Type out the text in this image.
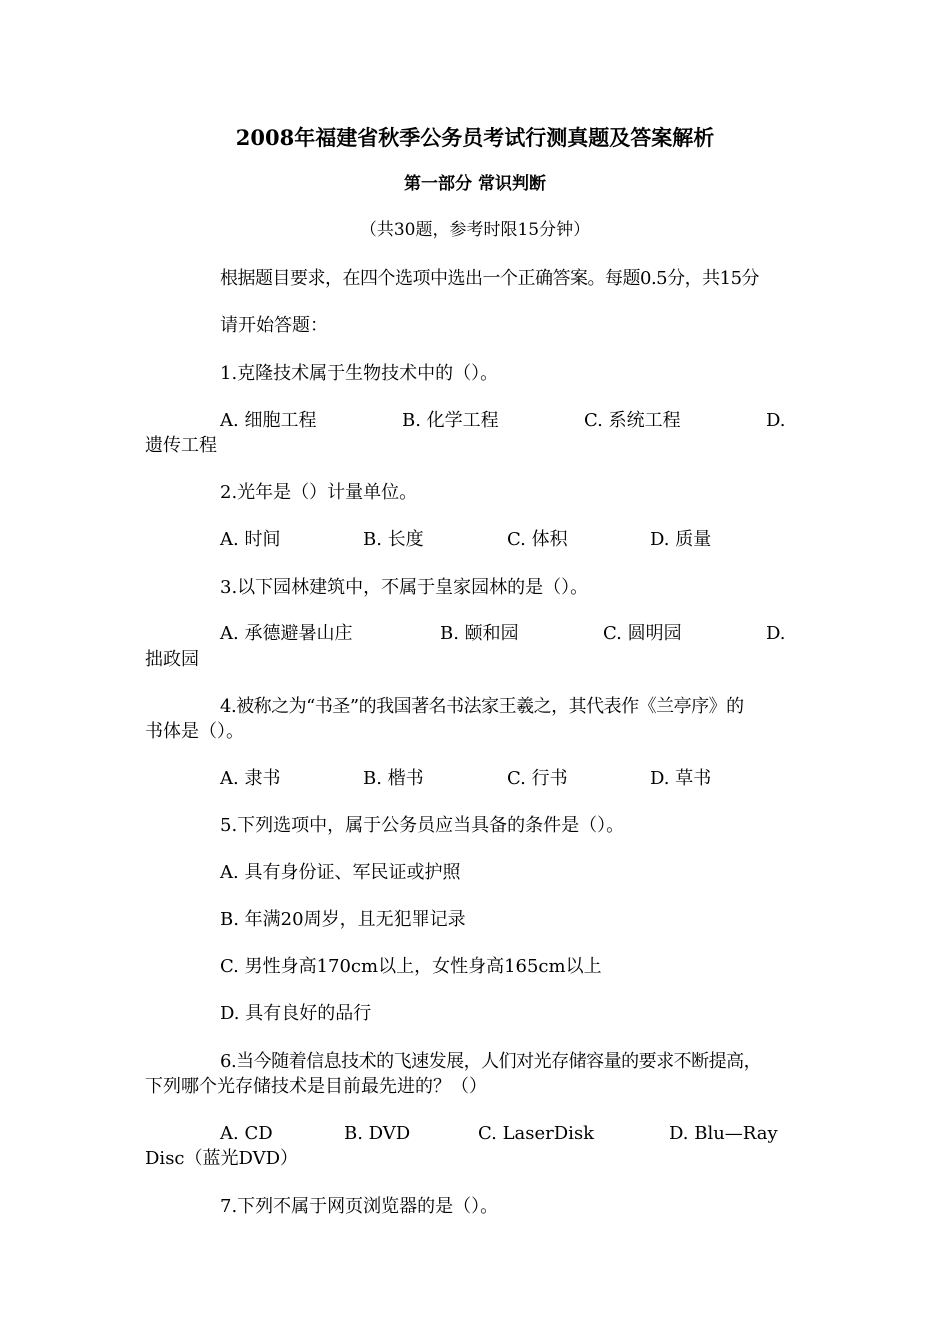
2008年福建省秋季公务员考试行测真题及答案解析
第一部分 常识判断
（共30题，参考时限15分钟）
根据题目要求，在四个选项中选出一个正确答案。每题0.5分，共15分
请开始答题：
1.克隆技术属于生物技术中的（）。
A. 细胞工程	B. 化学工程	C. 系统工程	D.
遗传工程
2.光年是（）计量单位。
A. 时间	B. 长度	C. 体积	D. 质量
3.以下园林建筑中，不属于皇家园林的是（）。
A. 承德避暑山庄	B. 颐和园	C. 圆明园	D.
拙政园
4.被称之为“书圣”的我国著名书法家王羲之，其代表作《兰亭序》的
书体是（）。
A. 隶书	B. 楷书	C. 行书	D. 草书
5.下列选项中，属于公务员应当具备的条件是（）。
A. 具有身份证、军民证或护照
B. 年满20周岁，且无犯罪记录
C. 男性身高170cm以上，女性身高165cm以上
D. 具有良好的品行
6.当今随着信息技术的飞速发展，人们对光存储容量的要求不断提高，
下列哪个光存储技术是目前最先进的？（）
A. CD	B. DVD	C. LaserDisk	D. Blu—Ray
Disc（蓝光DVD）
7.下列不属于网页浏览器的是（）。
